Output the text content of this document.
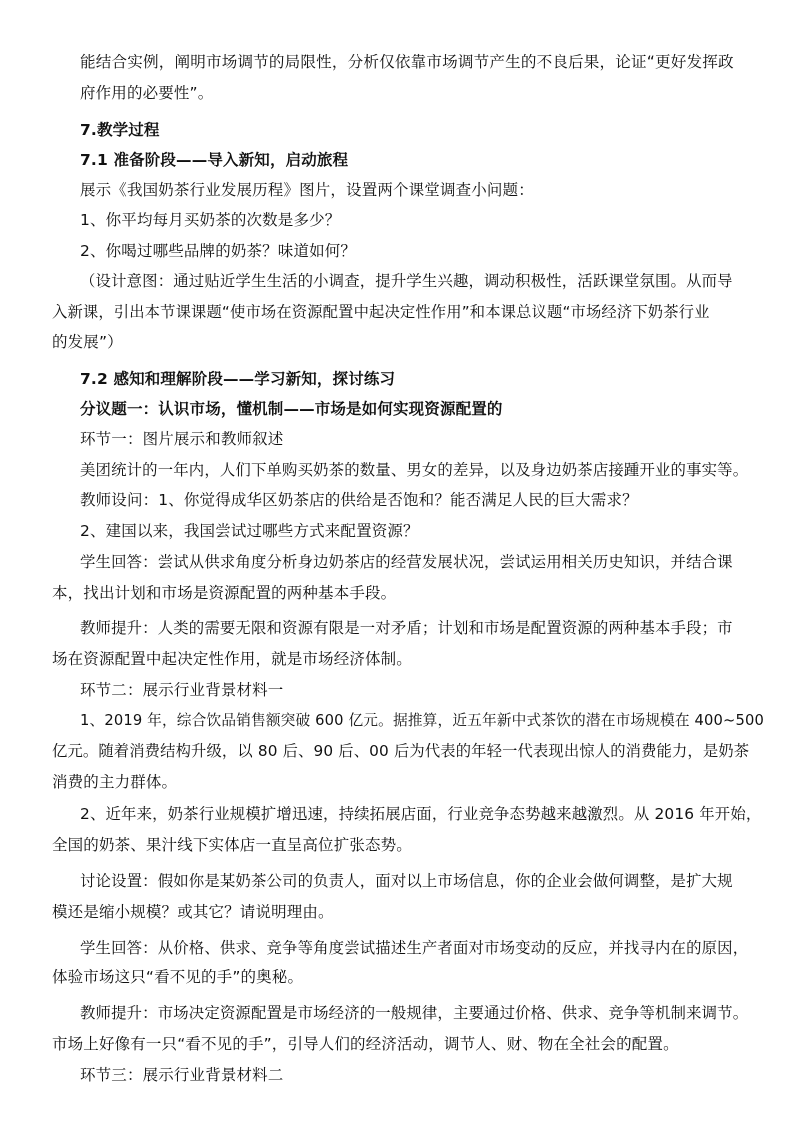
能结合实例，阐明市场调节的局限性，分析仅依靠市场调节产生的不良后果，论证“更好发挥政
府作用的必要性”。
7.教学过程
7.1 准备阶段——导入新知，启动旅程
展示《我国奶茶行业发展历程》图片，设置两个课堂调查小问题：
1、你平均每月买奶茶的次数是多少？
2、你喝过哪些品牌的奶茶？味道如何？
（设计意图：通过贴近学生生活的小调查，提升学生兴趣，调动积极性，活跃课堂氛围。从而导
入新课，引出本节课课题“使市场在资源配置中起决定性作用”和本课总议题“市场经济下奶茶行业
的发展”）
7.2 感知和理解阶段——学习新知，探讨练习
分议题一：认识市场，懂机制——市场是如何实现资源配置的
环节一：图片展示和教师叙述
美团统计的一年内，人们下单购买奶茶的数量、男女的差异，以及身边奶茶店接踵开业的事实等。
教师设问：1、你觉得成华区奶茶店的供给是否饱和？能否满足人民的巨大需求？
2、建国以来，我国尝试过哪些方式来配置资源？
学生回答：尝试从供求角度分析身边奶茶店的经营发展状况，尝试运用相关历史知识，并结合课
本，找出计划和市场是资源配置的两种基本手段。
教师提升：人类的需要无限和资源有限是一对矛盾；计划和市场是配置资源的两种基本手段；市
场在资源配置中起决定性作用，就是市场经济体制。
环节二：展示行业背景材料一
1、2019 年，综合饮品销售额突破 600 亿元。据推算，近五年新中式茶饮的潜在市场规模在 400~500
亿元。随着消费结构升级，以 80 后、90 后、00 后为代表的年轻一代表现出惊人的消费能力，是奶茶
消费的主力群体。
2、近年来，奶茶行业规模扩增迅速，持续拓展店面，行业竞争态势越来越激烈。从 2016 年开始，
全国的奶茶、果汁线下实体店一直呈高位扩张态势。
讨论设置：假如你是某奶茶公司的负责人，面对以上市场信息，你的企业会做何调整，是扩大规
模还是缩小规模？或其它？请说明理由。
学生回答：从价格、供求、竞争等角度尝试描述生产者面对市场变动的反应，并找寻内在的原因，
体验市场这只“看不见的手”的奥秘。
教师提升：市场决定资源配置是市场经济的一般规律，主要通过价格、供求、竞争等机制来调节。
市场上好像有一只“看不见的手”，引导人们的经济活动，调节人、财、物在全社会的配置。
环节三：展示行业背景材料二
